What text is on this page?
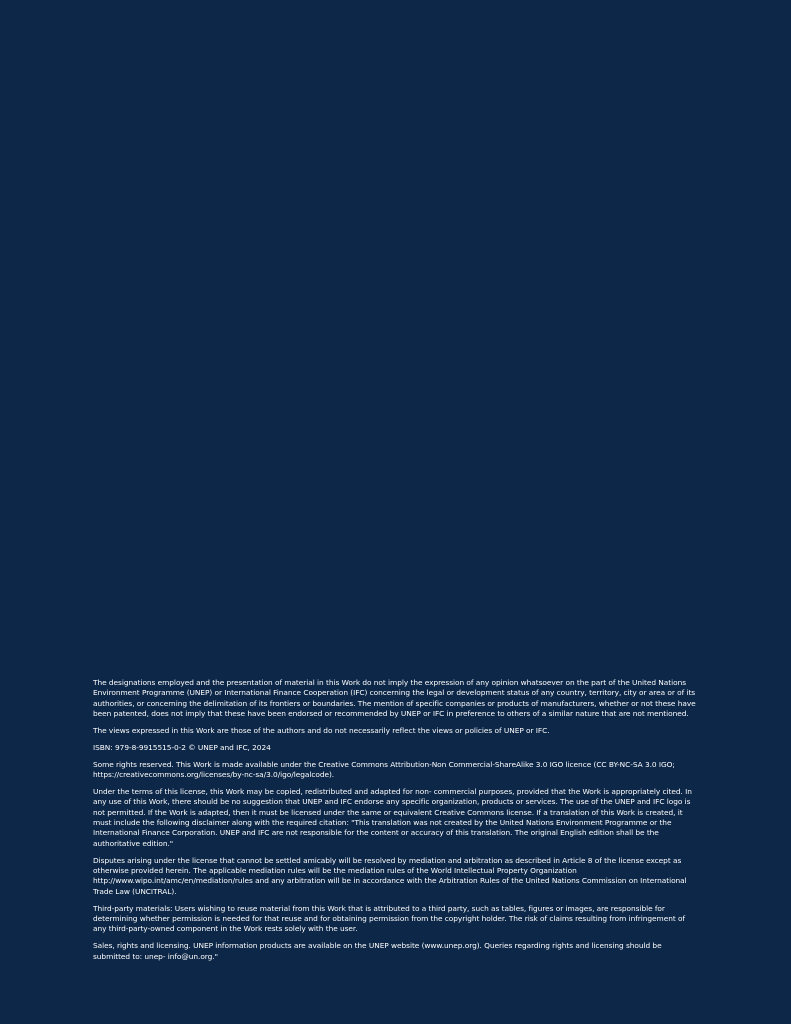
The designations employed and the presentation of material in this Work do not imply the expression of any opinion whatsoever on the part of the United Nations Environment Programme (UNEP) or International Finance Cooperation (IFC) concerning the legal or development status of any country, territory, city or area or of its authorities, or concerning the delimitation of its frontiers or boundaries. The mention of specific companies or products of manufacturers, whether or not these have been patented, does not imply that these have been endorsed or recommended by UNEP or IFC in preference to others of a similar nature that are not mentioned.

The views expressed in this Work are those of the authors and do not necessarily reflect the views or policies of UNEP or IFC.

ISBN: 979-8-9915515-0-2 © UNEP and IFC, 2024

Some rights reserved. This Work is made available under the Creative Commons Attribution-Non Commercial-ShareAlike 3.0 IGO licence (CC BY-NC-SA 3.0 IGO; https://creativecommons.org/licenses/by-nc-sa/3.0/igo/legalcode).

Under the terms of this license, this Work may be copied, redistributed and adapted for non- commercial purposes, provided that the Work is appropriately cited. In any use of this Work, there should be no suggestion that UNEP and IFC endorse any specific organization, products or services. The use of the UNEP and IFC logo is not permitted. If the Work is adapted, then it must be licensed under the same or equivalent Creative Commons license. If a translation of this Work is created, it must include the following disclaimer along with the required citation: "This translation was not created by the United Nations Environment Programme or the International Finance Corporation. UNEP and IFC are not responsible for the content or accuracy of this translation. The original English edition shall be the authoritative edition."

Disputes arising under the license that cannot be settled amicably will be resolved by mediation and arbitration as described in Article 8 of the license except as otherwise provided herein. The applicable mediation rules will be the mediation rules of the World Intellectual Property Organization http://www.wipo.int/amc/en/mediation/rules and any arbitration will be in accordance with the Arbitration Rules of the United Nations Commission on International Trade Law (UNCITRAL).

Third-party materials: Users wishing to reuse material from this Work that is attributed to a third party, such as tables, figures or images, are responsible for determining whether permission is needed for that reuse and for obtaining permission from the copyright holder. The risk of claims resulting from infringement of any third-party-owned component in the Work rests solely with the user.

Sales, rights and licensing. UNEP information products are available on the UNEP website (www.unep.org). Queries regarding rights and licensing should be submitted to: unep- info@un.org."
